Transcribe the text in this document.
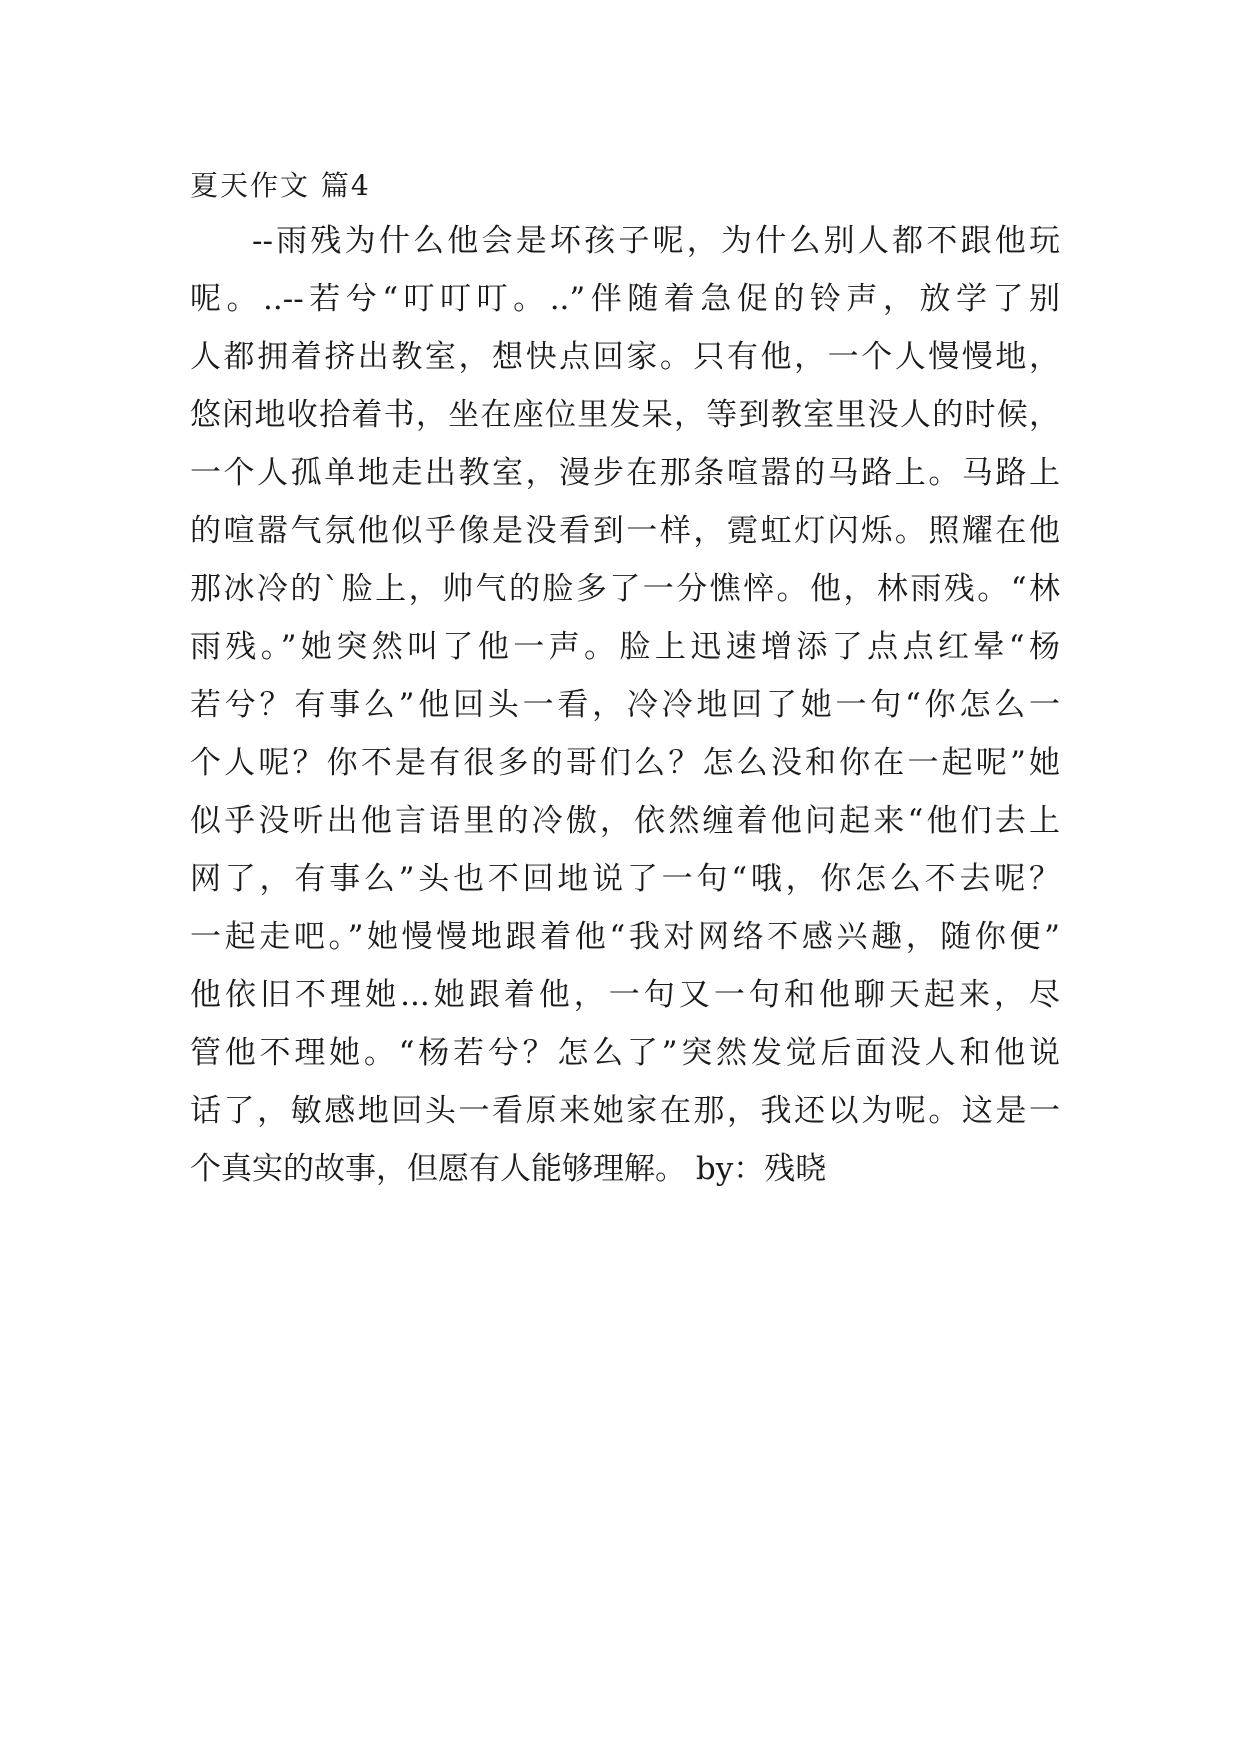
夏天作文 篇4

--雨残为什么他会是坏孩子呢，为什么别人都不跟他玩

呢。..--若兮“叮叮叮。..”伴随着急促的铃声，放学了别

人都拥着挤出教室，想快点回家。只有他，一个人慢慢地，

悠闲地收拾着书，坐在座位里发呆，等到教室里没人的时候，

一个人孤单地走出教室，漫步在那条喧嚣的马路上。马路上

的喧嚣气氛他似乎像是没看到一样，霓虹灯闪烁。照耀在他

那冰冷的`脸上，帅气的脸多了一分憔悴。他，林雨残。“林

雨残。”她突然叫了他一声。脸上迅速增添了点点红晕“杨

若兮？有事么”他回头一看，冷冷地回了她一句“你怎么一

个人呢？你不是有很多的哥们么？怎么没和你在一起呢”她

似乎没听出他言语里的冷傲，依然缠着他问起来“他们去上

网了，有事么”头也不回地说了一句“哦，你怎么不去呢？

一起走吧。”她慢慢地跟着他“我对网络不感兴趣，随你便”

他依旧不理她...她跟着他，一句又一句和他聊天起来，尽

管他不理她。“杨若兮？怎么了”突然发觉后面没人和他说

话了，敏感地回头一看原来她家在那，我还以为呢。这是一

个真实的故事，但愿有人能够理解。 by：残晓
